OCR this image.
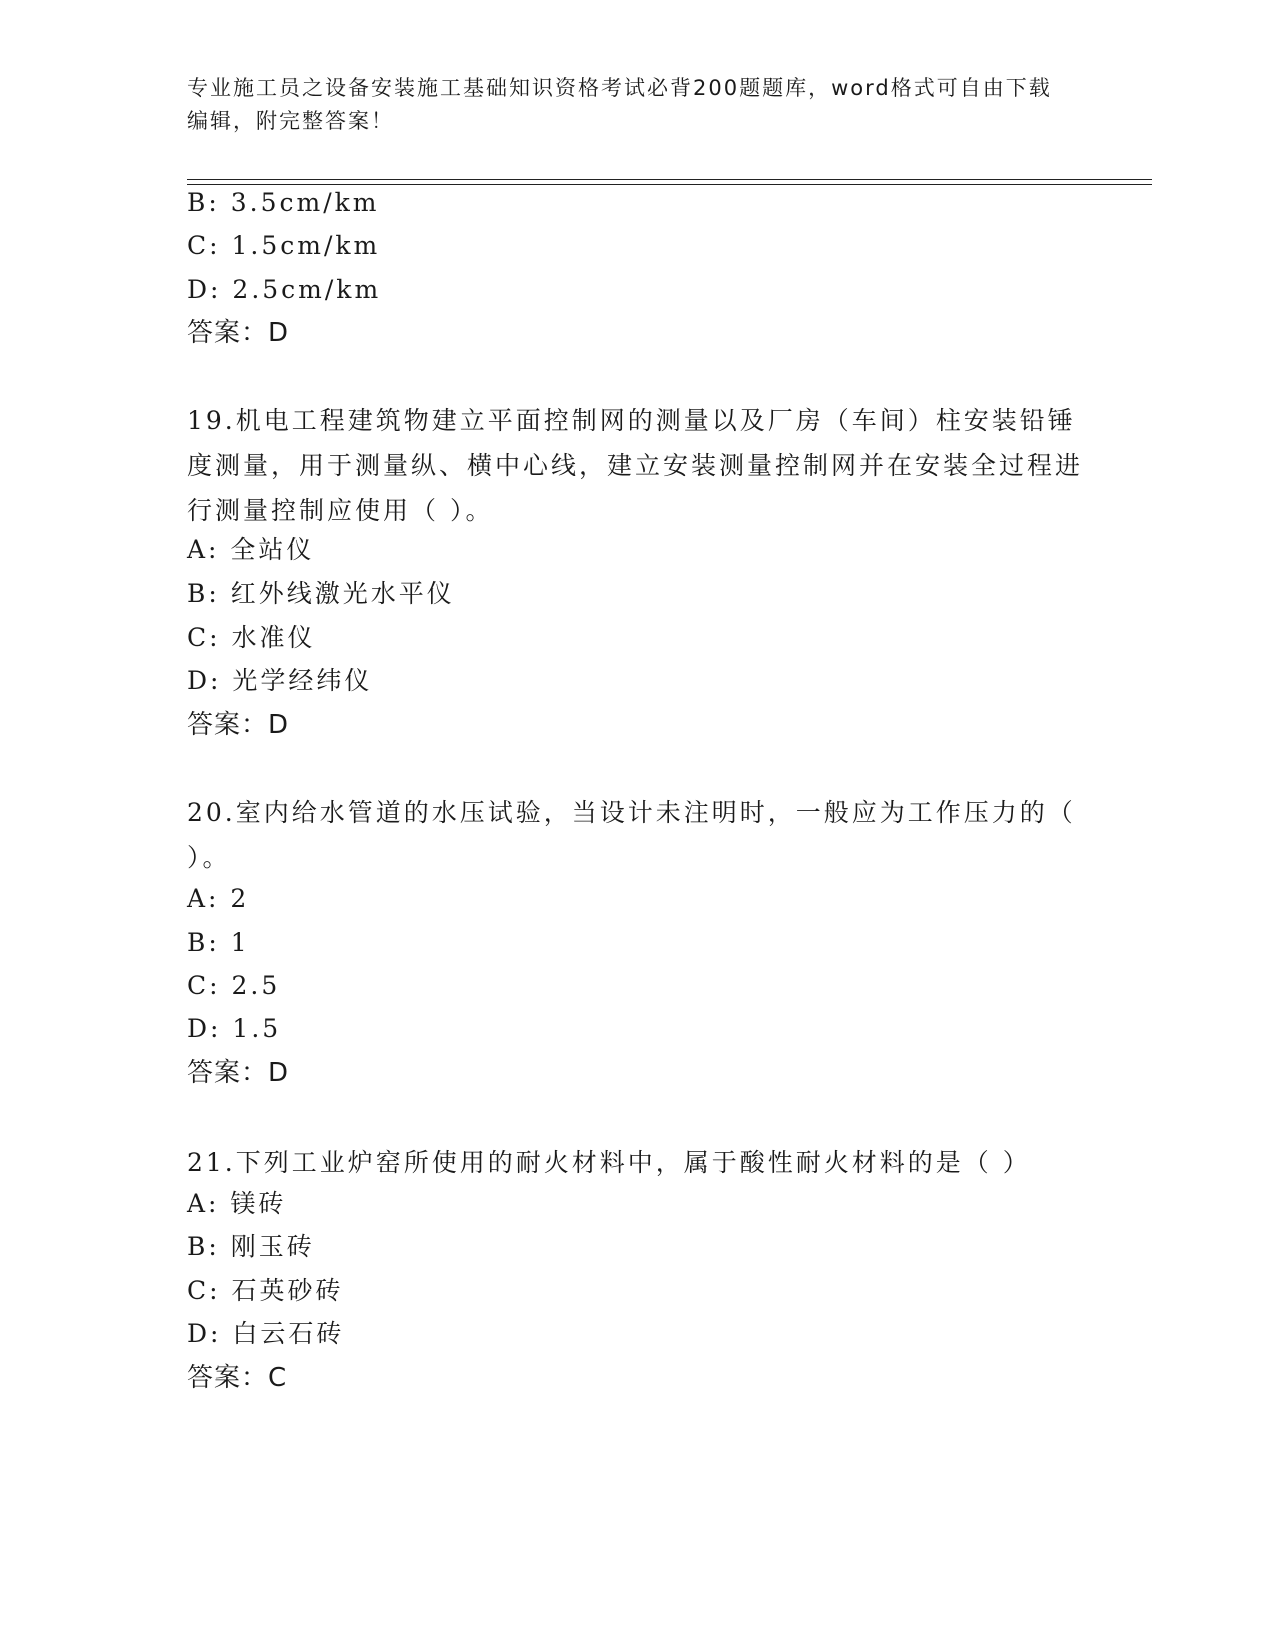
专业施工员之设备安装施工基础知识资格考试必背200题题库，word格式可自由下载编辑，附完整答案！
B: 3.5cm/km
C: 1.5cm/km
D: 2.5cm/km
答案：D
19.机电工程建筑物建立平面控制网的测量以及厂房（车间）柱安装铅锤度测量，用于测量纵、横中心线，建立安装测量控制网并在安装全过程进行测量控制应使用（ ）。
A: 全站仪
B: 红外线激光水平仪
C: 水准仪
D: 光学经纬仪
答案：D
20.室内给水管道的水压试验，当设计未注明时，一般应为工作压力的（ ）。
A: 2
B: 1
C: 2.5
D: 1.5
答案：D
21.下列工业炉窑所使用的耐火材料中，属于酸性耐火材料的是（ ）
A: 镁砖
B: 刚玉砖
C: 石英砂砖
D: 白云石砖
答案：C
